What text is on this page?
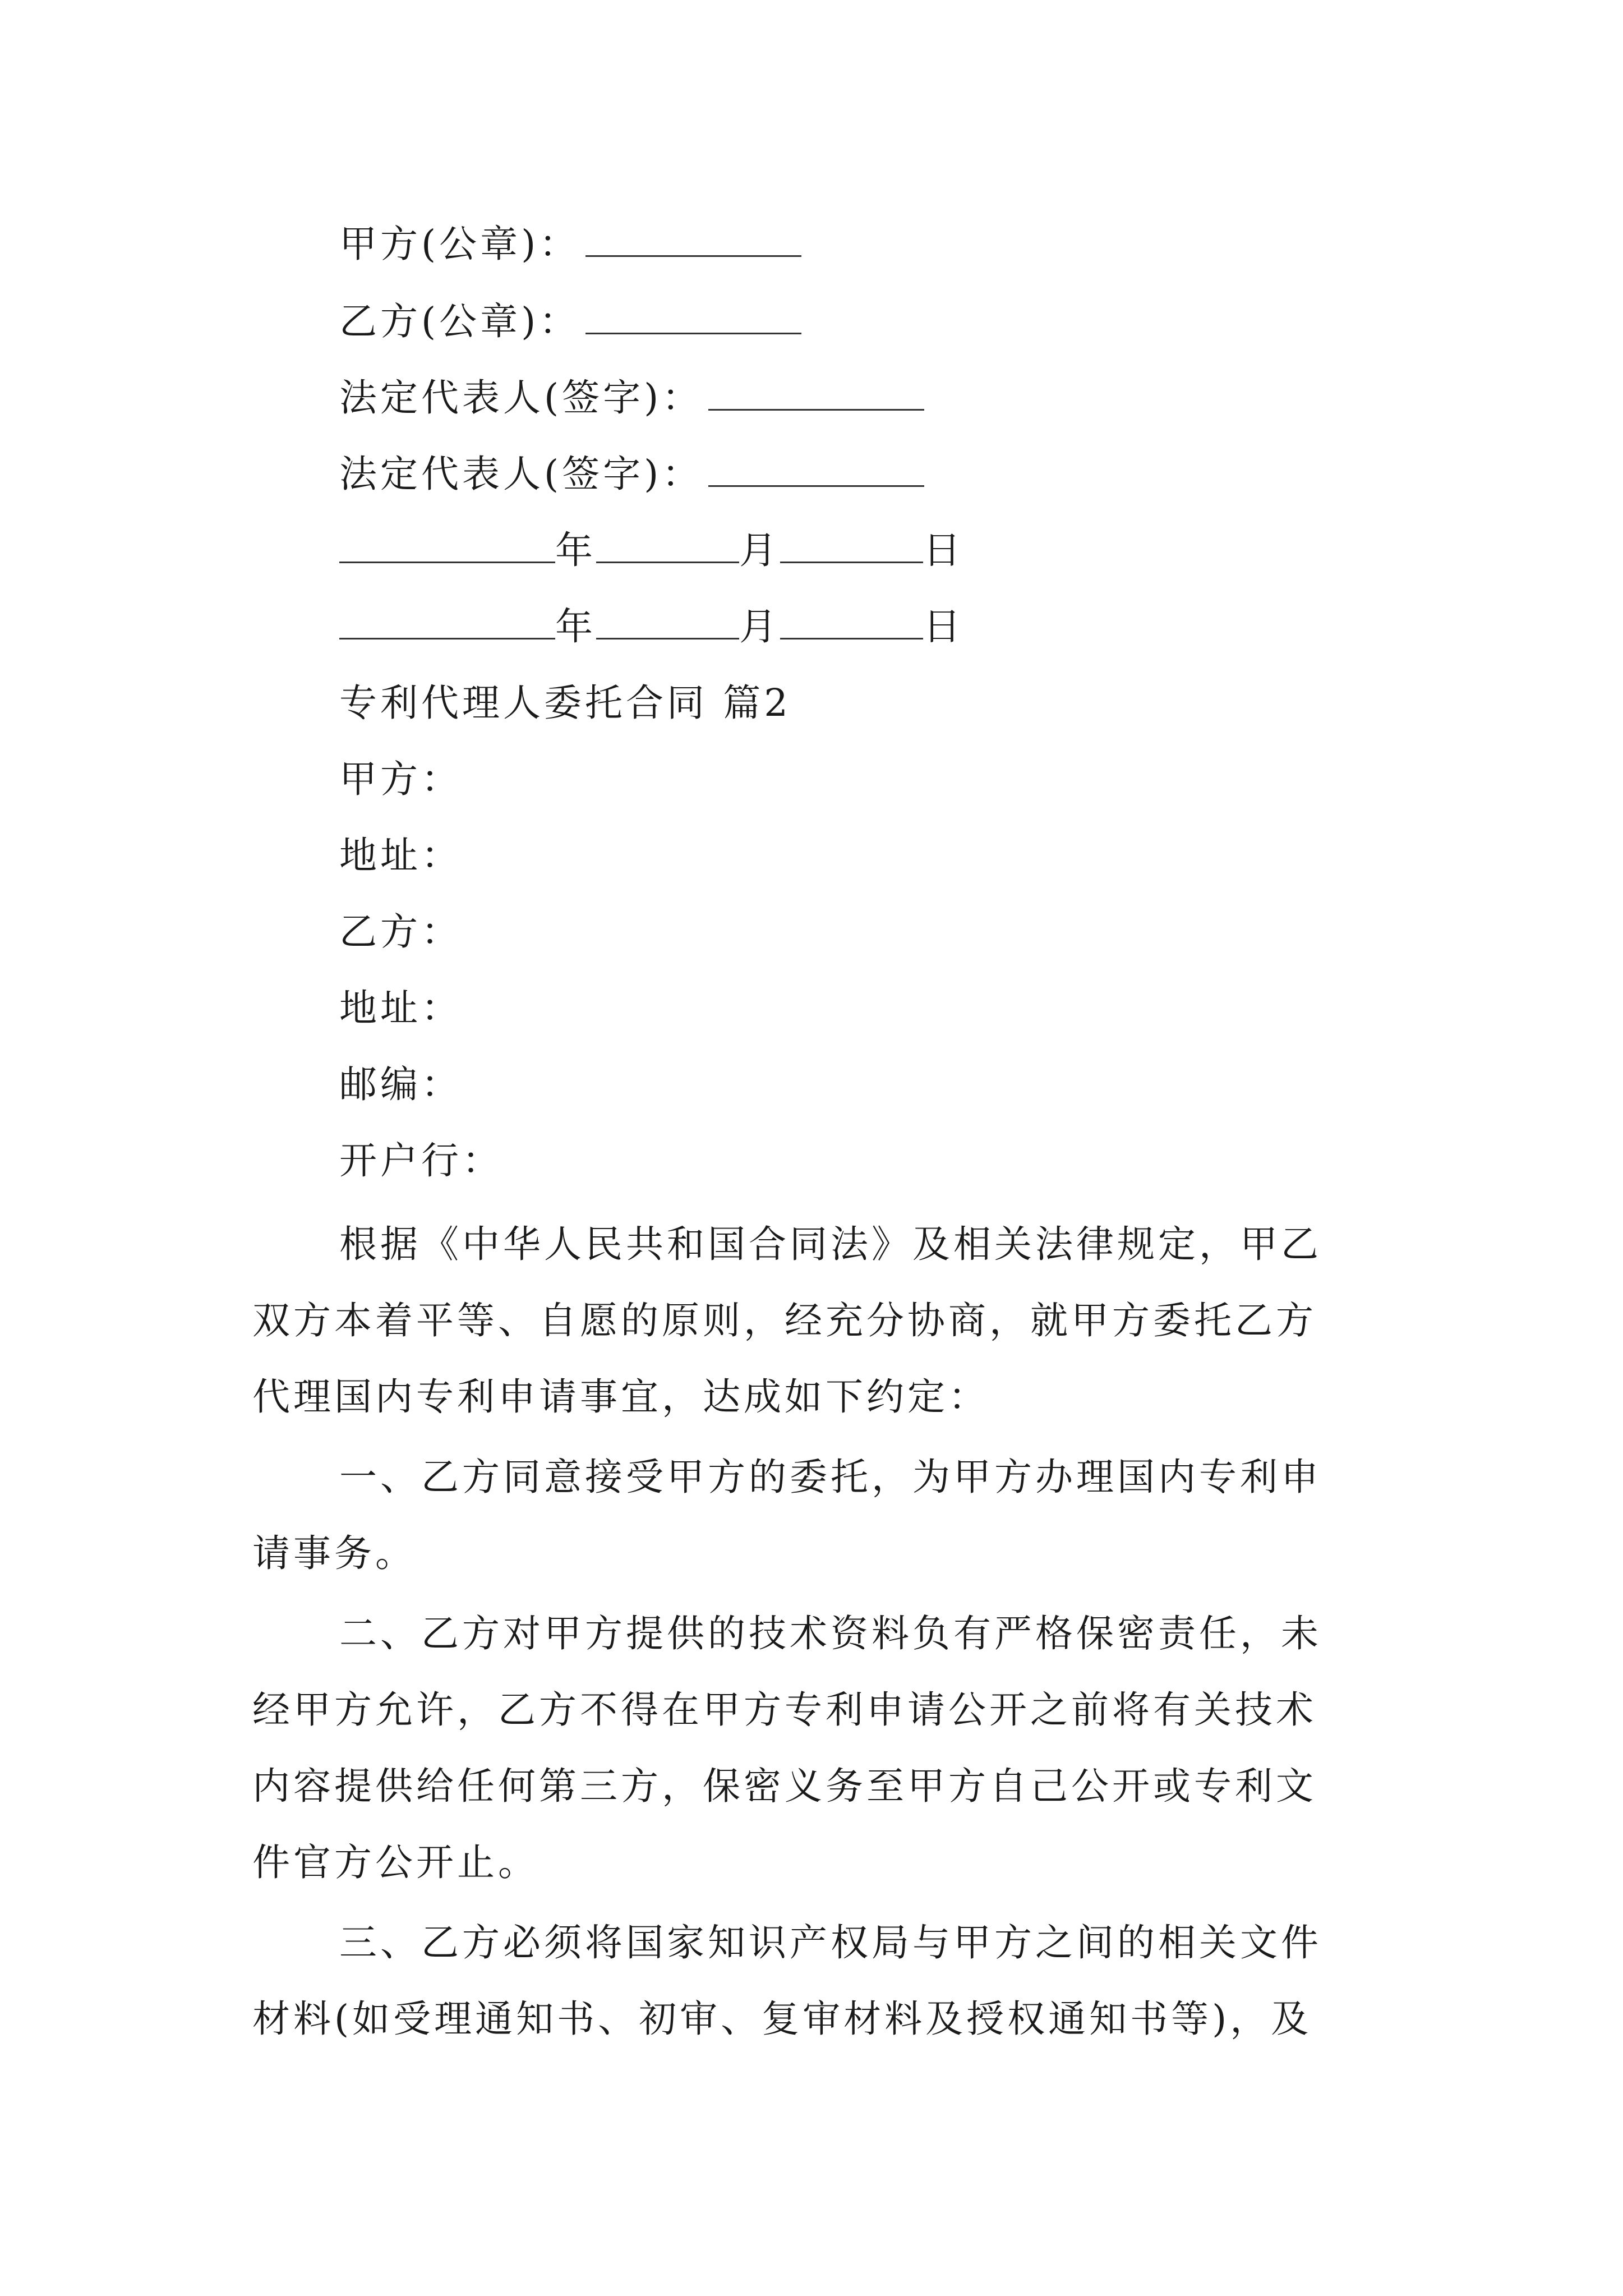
甲方(公章)：
乙方(公章)：
法定代表人(签字)：
法定代表人(签字)：
年	月	日
年	月	日
专利代理人委托合同 篇2
甲方：
地址：
乙方：
地址：
邮编：
开户行：
根据《中华人民共和国合同法》及相关法律规定，甲乙
双方本着平等、自愿的原则，经充分协商，就甲方委托乙方
代理国内专利申请事宜，达成如下约定：
一、乙方同意接受甲方的委托，为甲方办理国内专利申
请事务。
二、乙方对甲方提供的技术资料负有严格保密责任，未
经甲方允许，乙方不得在甲方专利申请公开之前将有关技术
内容提供给任何第三方，保密义务至甲方自己公开或专利文
件官方公开止。
三、乙方必须将国家知识产权局与甲方之间的相关文件
材料(如受理通知书、初审、复审材料及授权通知书等)，及
